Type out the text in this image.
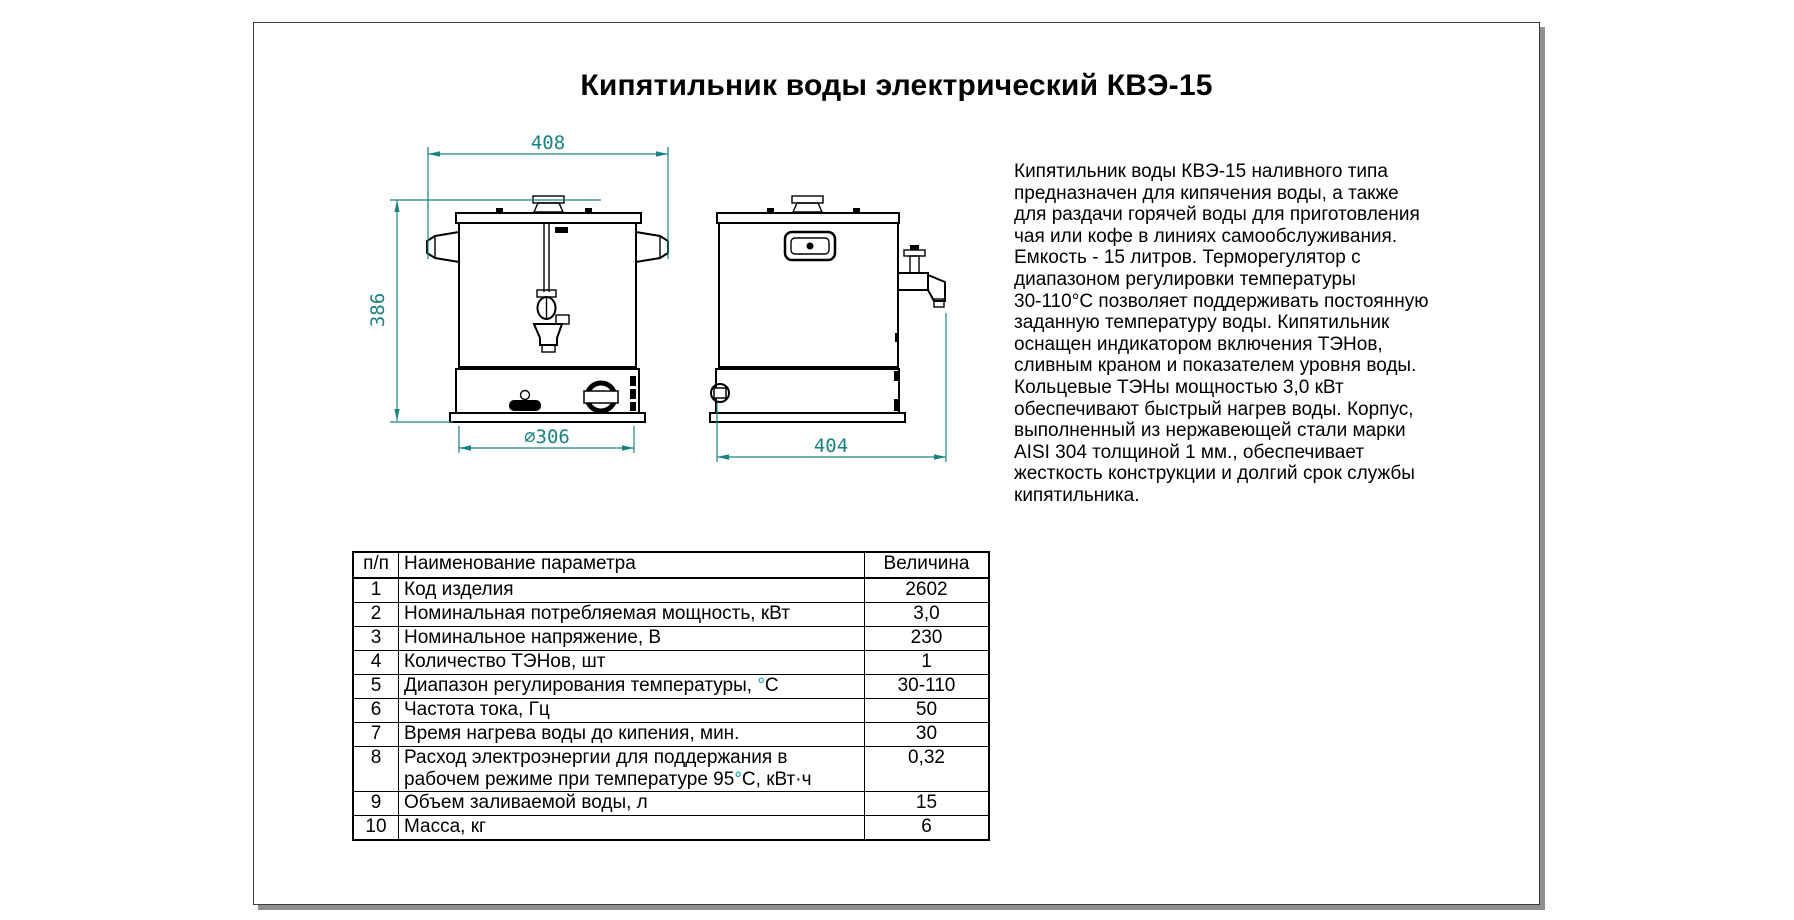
Кипятильник воды электрический КВЭ-15
408
386
∅306	404
Кипятильник воды КВЭ-15 наливного типа
предназначен для кипячения воды, а также
для раздачи горячей воды для приготовления
чая или кофе в линиях самообслуживания.
Емкость - 15 литров. Терморегулятор с
диапазоном регулировки температуры
30-110°С позволяет поддерживать постоянную
заданную температуру воды. Кипятильник
оснащен индикатором включения ТЭНов,
сливным краном и показателем уровня воды.
Кольцевые ТЭНы мощностью 3,0 кВт
обеспечивают быстрый нагрев воды. Корпус,
выполненный из нержавеющей стали марки
AISI 304 толщиной 1 мм., обеспечивает
жесткость конструкции и долгий срок службы
кипятильника.
п/п	Наименование параметра	Величина
1	Код изделия	2602
2	Номинальная потребляемая мощность, кВт	3,0
3	Номинальное напряжение, В	230
4	Количество ТЭНов, шт	1
5	Диапазон регулирования температуры, °С	30-110
6	Частота тока, Гц	50
7	Время нагрева воды до кипения, мин.	30
8	Расход электроэнергии для поддержания в
рабочем режиме при температуре 95°С, кВт·ч	0,32
9	Объем заливаемой воды, л	15
10	Масса, кг	6
